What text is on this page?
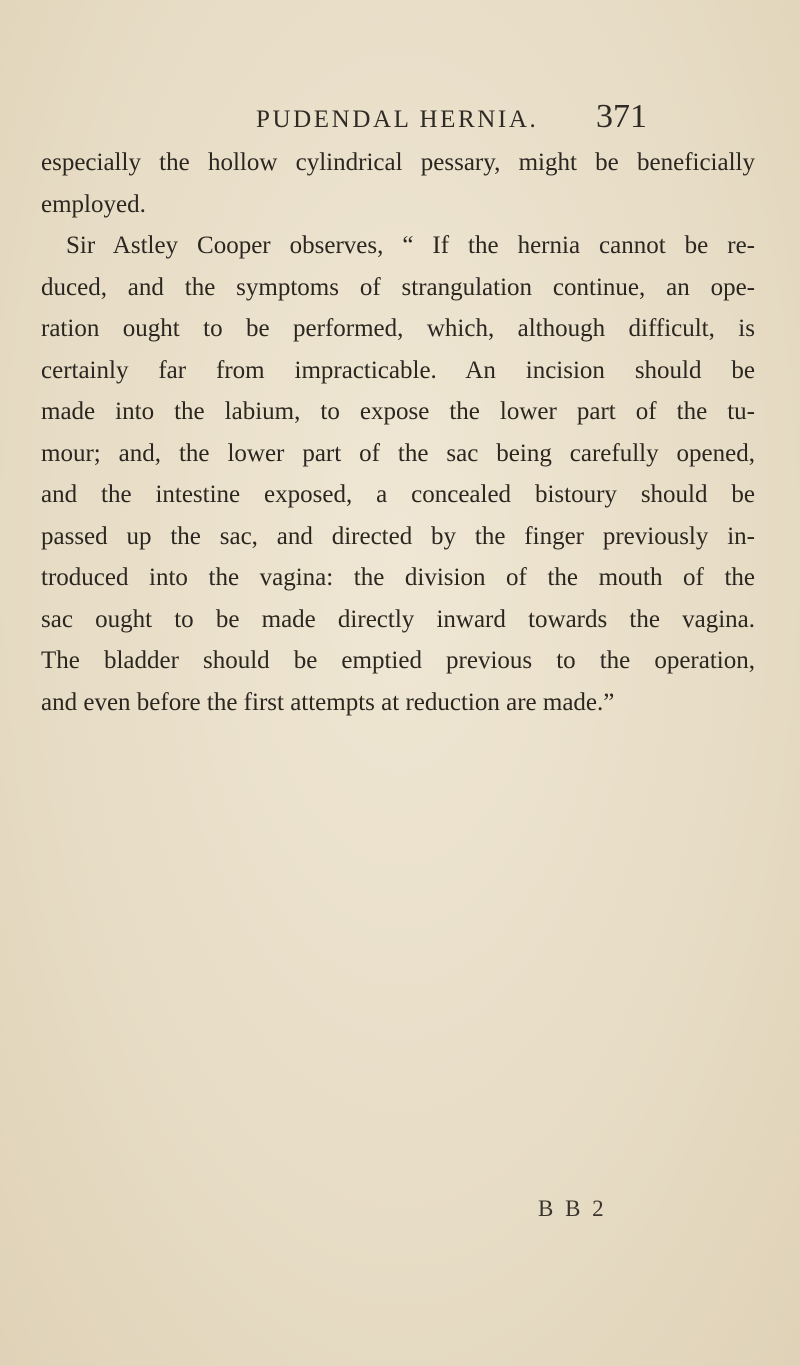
PUDENDAL HERNIA. 371
especially the hollow cylindrical pessary, might be beneficially
employed.
Sir Astley Cooper observes, “ If the hernia cannot be re-
duced, and the symptoms of strangulation continue, an ope-
ration ought to be performed, which, although difficult, is
certainly far from impracticable. An incision should be
made into the labium, to expose the lower part of the tu-
mour; and, the lower part of the sac being carefully opened,
and the intestine exposed, a concealed bistoury should be
passed up the sac, and directed by the finger previously in-
troduced into the vagina: the division of the mouth of the
sac ought to be made directly inward towards the vagina.
The bladder should be emptied previous to the operation,
and even before the first attempts at reduction are made.”
B B 2
